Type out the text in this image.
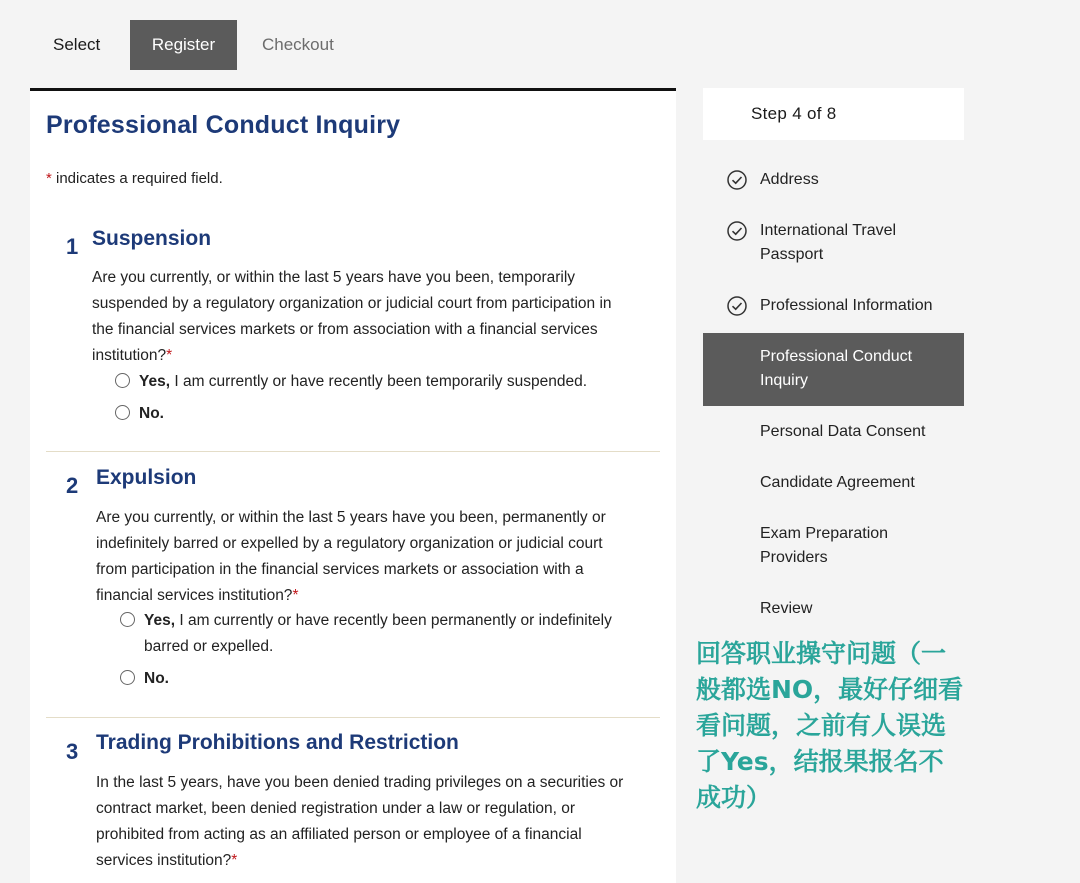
Select	Register	Checkout
Professional Conduct Inquiry
* indicates a required field.
1 Suspension
Are you currently, or within the last 5 years have you been, temporarily
suspended by a regulatory organization or judicial court from participation in
the financial services markets or from association with a financial services
institution?*
Yes, I am currently or have recently been temporarily suspended.
No.
2 Expulsion
Are you currently, or within the last 5 years have you been, permanently or
indefinitely barred or expelled by a regulatory organization or judicial court
from participation in the financial services markets or association with a
financial services institution?*
Yes, I am currently or have recently been permanently or indefinitely
barred or expelled.
No.
3 Trading Prohibitions and Restriction
In the last 5 years, have you been denied trading privileges on a securities or
contract market, been denied registration under a law or regulation, or
prohibited from acting as an affiliated person or employee of a financial
services institution?*
Step 4 of 8
Address
International Travel
Passport
Professional Information
Professional Conduct
Inquiry
Personal Data Consent
Candidate Agreement
Exam Preparation
Providers
Review
回答职业操守问题（一
般都选NO，最好仔细看
看问题，之前有人误选
了Yes，结报果报名不
成功）
